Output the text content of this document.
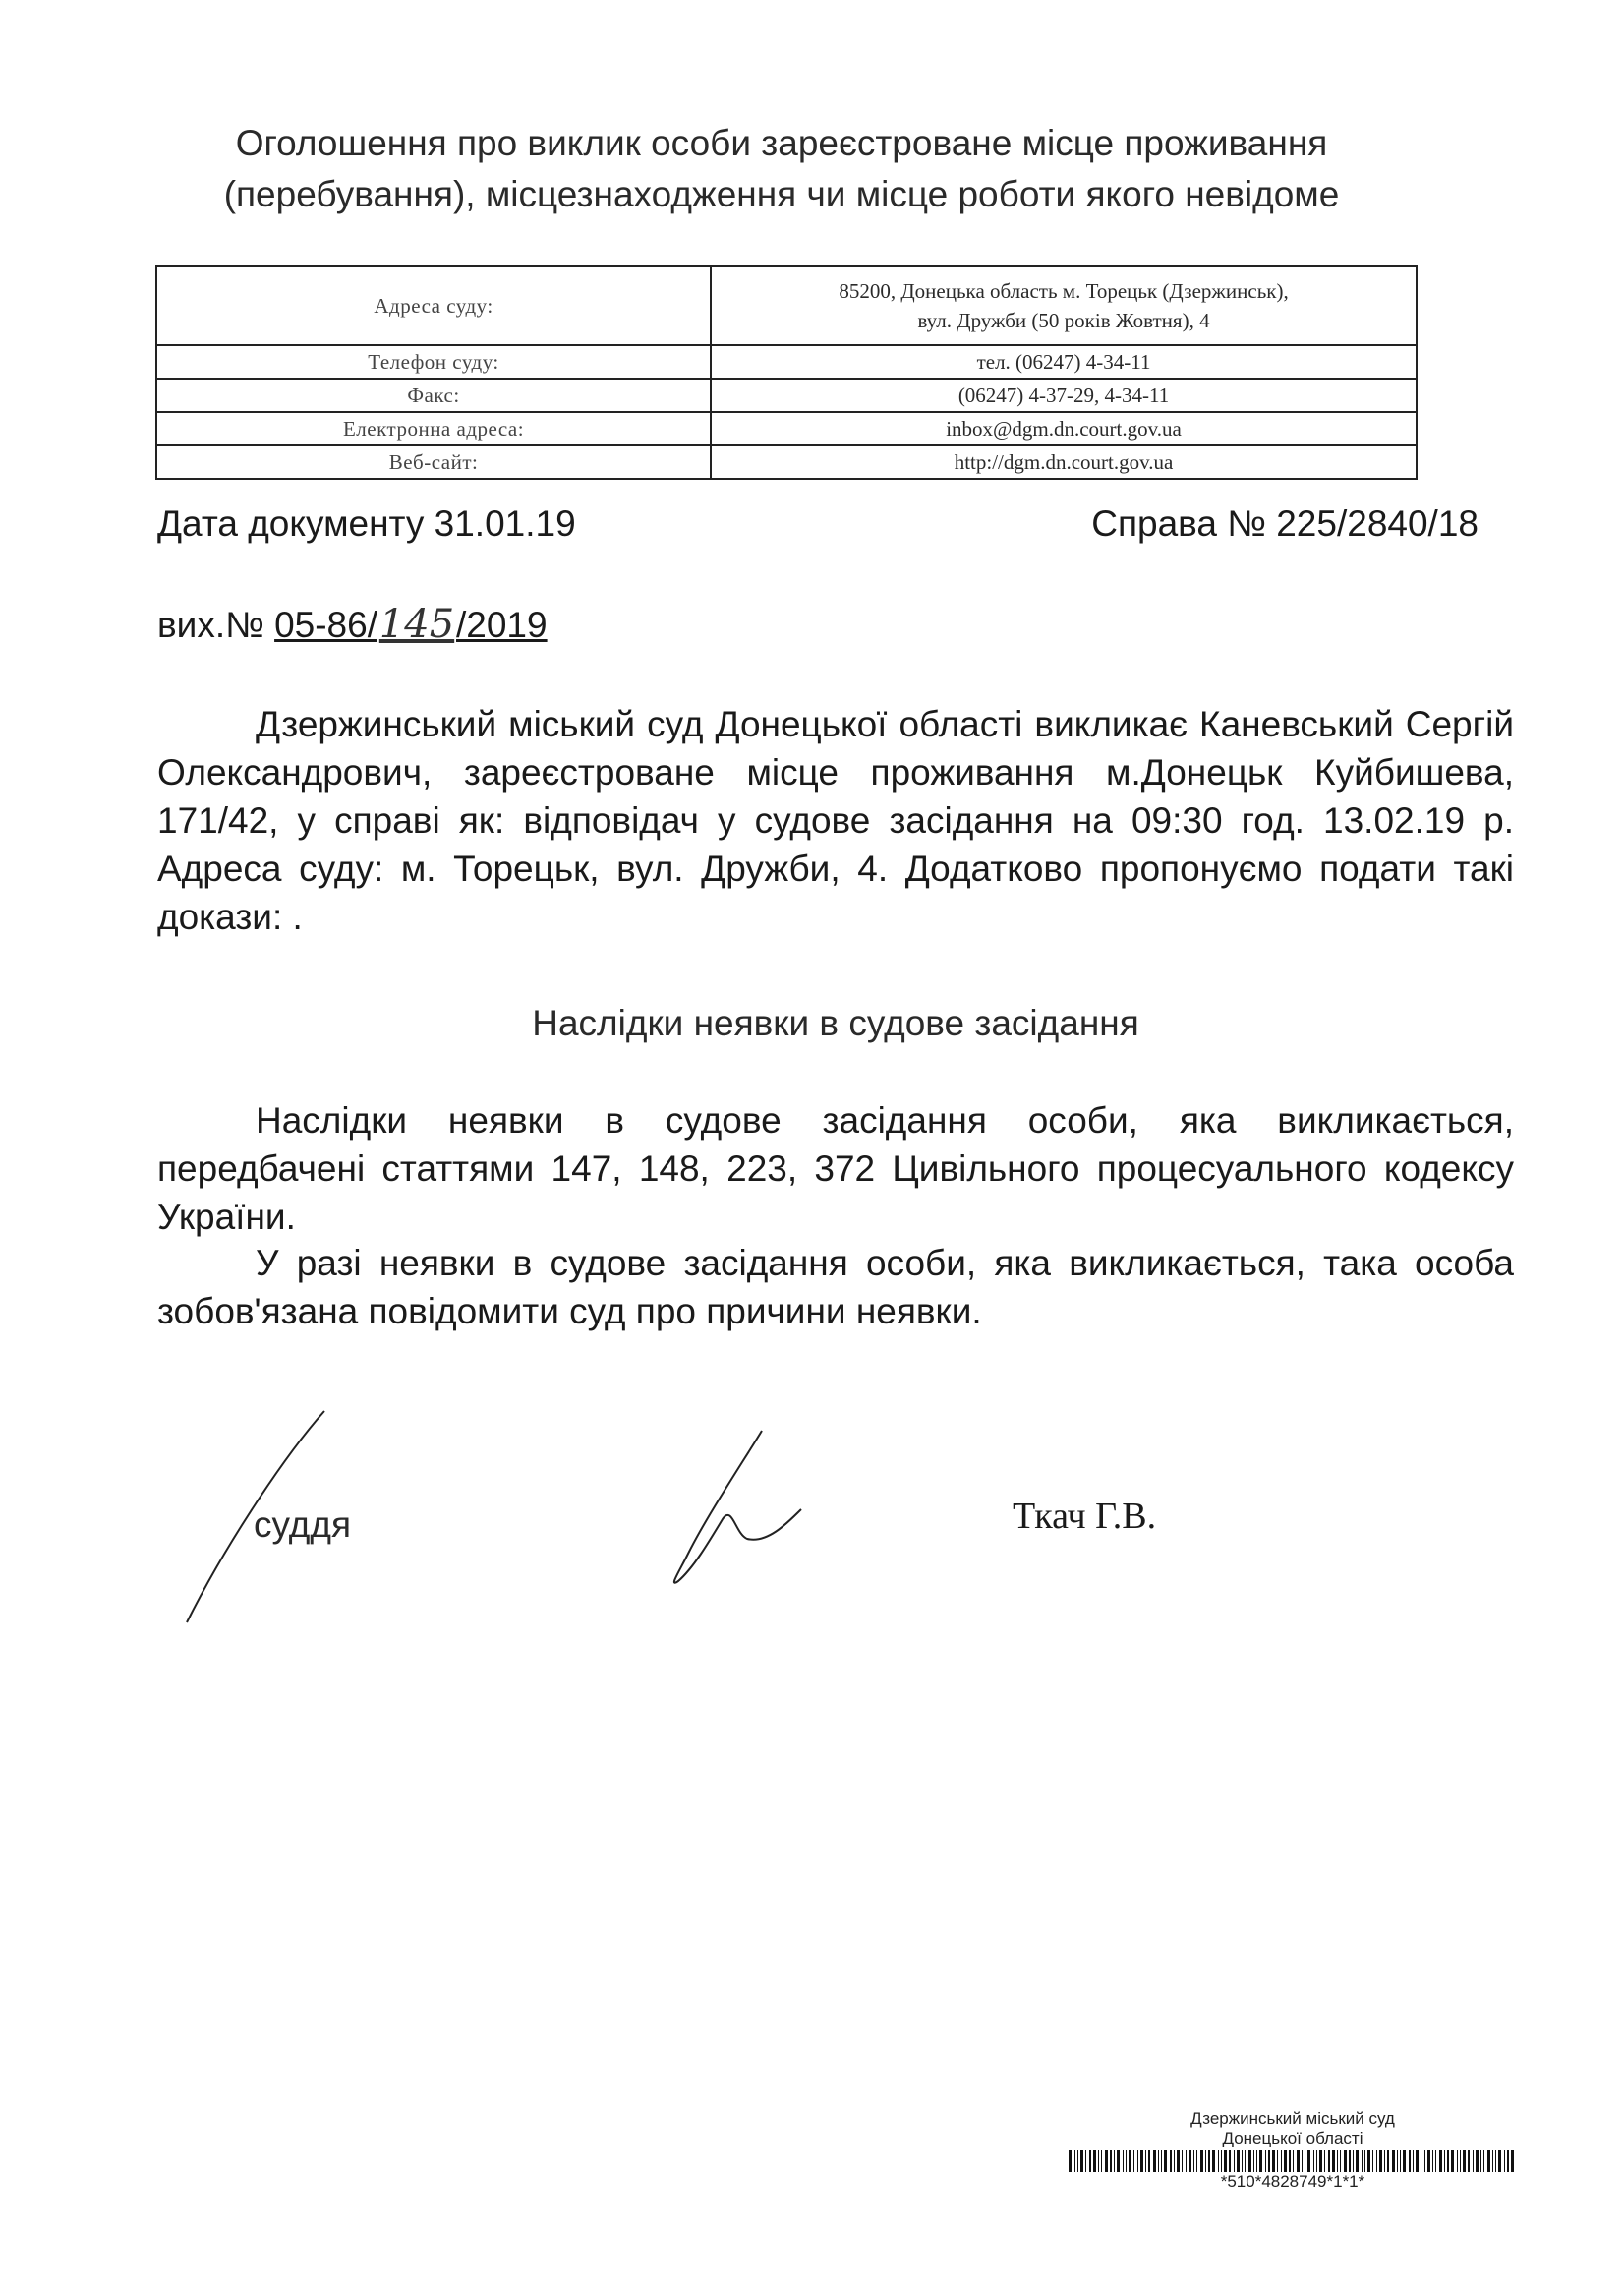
Оголошення про виклик особи зареєстроване місце проживання
(перебування), місцезнаходження чи місце роботи якого невідоме
Адреса суду:	85200, Донецька область м. Торецьк (Дзержинськ),
вул. Дружби (50 років Жовтня), 4

Телефон суду:	тел. (06247) 4-34-11
Факс:	(06247) 4-37-29, 4-34-11
Електронна адреса:	inbox@dgm.dn.court.gov.ua
Веб-сайт:	http://dgm.dn.court.gov.ua
Дата документу 31.01.19	Справа № 225/2840/18
вих.№ 05-86/145/2019
Дзержинський міський суд Донецької області викликає Каневський Сергій Олександрович, зареєстроване місце проживання м.Донецьк Куйбишева, 171/42, у справі як: відповідач у судове засідання на 09:30 год. 13.02.19 р. Адреса суду: м. Торецьк, вул. Дружби, 4. Додатково пропонуємо подати такі докази: .
Наслідки неявки в судове засідання
Наслідки неявки в судове засідання особи, яка викликається, передбачені статтями 147, 148, 223, 372 Цивільного процесуального кодексу України.
У разі неявки в судове засідання особи, яка викликається, така особа зобов'язана повідомити суд про причини неявки.
суддя	Ткач Г.В.
Дзержинський міський суд
Донецької області
*510*4828749*1*1*
